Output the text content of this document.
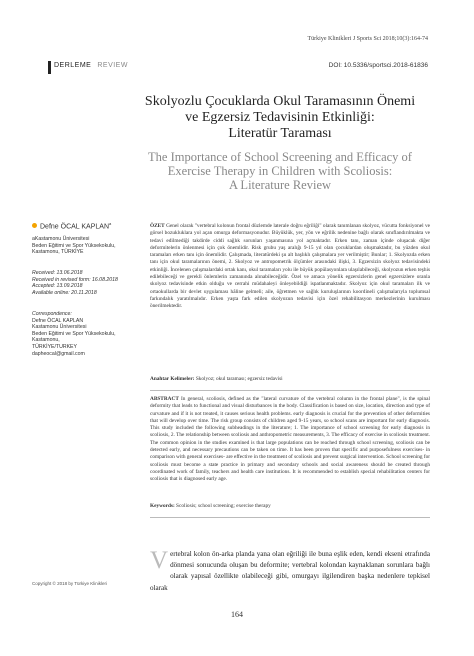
Türkiye Klinikleri J Sports Sci 2018;10(3):164-74
DERLEME REVIEW	DOI: 10.5336/sportsci.2018-61836
Skolyozlu Çocuklarda Okul Taramasının Önemi
ve Egzersiz Tedavisinin Etkinliği:
Literatür Taraması
The Importance of School Screening and Efficacy of
Exercise Therapy in Children with Scoliosis:
A Literature Review
Defne ÖCAL KAPLAN$^a$
aKastamonu Üniversitesi
Beden Eğitimi ve Spor Yüksekokulu,
Kastamonu, TÜRKİYE
Received: 13.06.2018
Received in revised form: 16.08.2018
Accepted: 13.09.2018
Available online: 20.11.2018
Correspondence:
Defne ÖCAL KAPLAN
Kastamonu Üniversitesi
Beden Eğitimi ve Spor Yüksekokulu,
Kastamonu,
TÜRKİYE/TURKEY
dapheocal@gmail.com
Copyright © 2018 by Türkiye Klinikleri
ÖZET Genel olarak "vertebral kolonun frontal düzlemde laterale doğru eğriliği" olarak tanımlanan skolyoz, vücutta fonksiyonel ve görsel bozukluklara yol açan omurga deformasyonudur. Büyüklük, yer, yön ve eğrilik nedenine bağlı olarak sınıflandırılmakta ve tedavi edilmediği takdirde ciddi sağlık sorunları yaşanmasına yol açmaktadır. Erken tanı, zaman içinde oluşacak diğer deformitelerin önlenmesi için çok önemlidir. Risk grubu yaş aralığı 9-15 yıl olan çocuklardan oluşmaktadır, bu yüzden okul taramaları erken tanı için önemlidir. Çalışmada, literatürdeki şu alt başlıklı çalışmalara yer verilmiştir; Bunlar; 1. Skolyozda erken tanı için okul taramalarının önemi, 2. Skolyoz ve antropometrik ölçümler arasındaki ilişki, 3. Egzersizin skolyoz tedavisindeki etkinliği. İncelenen çalışmalardaki ortak kanı, okul taramaları yolu ile büyük popülasyonlara ulaşılabileceği, skolyozun erken teşhis edilebileceği ve gerekli önlemlerin zamanında alınabileceğidir. Özel ve amaca yönelik egzersizlerin genel egzersizlere oranla skolyoz tedavisinde etkin olduğu ve cerrahi müdahaleyi önleyebildiği ispatlanmaktadır. Skolyoz için okul taramaları ilk ve ortaokullarda bir devlet uygulaması hâline gelmeli; aile, öğretmen ve sağlık kuruluşlarının koordineli çalışmalarıyla toplumsal farkındalık yaratılmalıdır. Erken yaşta fark edilen skolyozun tedavisi için özel rehabilitasyon merkezlerinin kurulması önerilmektedir.
Anahtar Kelimeler: Skolyoz; okul taraması; egzersiz tedavisi
ABSTRACT In general, scoliosis, defined as the "lateral curvature of the vertebral column in the frontal plane", is the spinal deformity that leads to functional and visual disturbances in the body. Classification is based on size, location, direction and type of curvature and if it is not treated, it causes serious health problems. early diagnosis is crucial for the prevention of other deformities that will develop over time. The risk group consists of children aged 9-15 years, so school scans are important for early diagnosis. This study included the following subheadings in the literature; 1. The importance of school screening for early diagnosis in scoliosis, 2. The relationship between scoliosis and anthropometric measurements, 3. The efficacy of exercise in scoliosis treatment. The common opinion in the studies examined is that large populations can be reached through school screening, scoliosis can be detected early, and necessary precautions can be taken on time. It has been proven that specific and purposefulness exercises- in comparison with general exercises- are effective in the treatment of scoliosis and prevent surgical intervention. School screening for scoliosis must become a state practice in primary and secondary schools and social awareness should be created through coordinated work of family, teachers and health care institutions. It is recommended to establish special rehabilitation centers for scoliosis that is diagnosed early age.
Keywords: Scoliosis; school screening; exercise therapy
Vertebral kolon ön-arka planda yana olan eğriliği ile buna eşlik eden, kendi ekseni etrafında dönmesi sonucunda oluşan bu deformite; vertebral kolondan kaynaklanan sorunlara bağlı olarak yapısal özellikte olabileceği gibi, omurgayı ilgilendiren başka nedenlere tepkisel olarak
164
